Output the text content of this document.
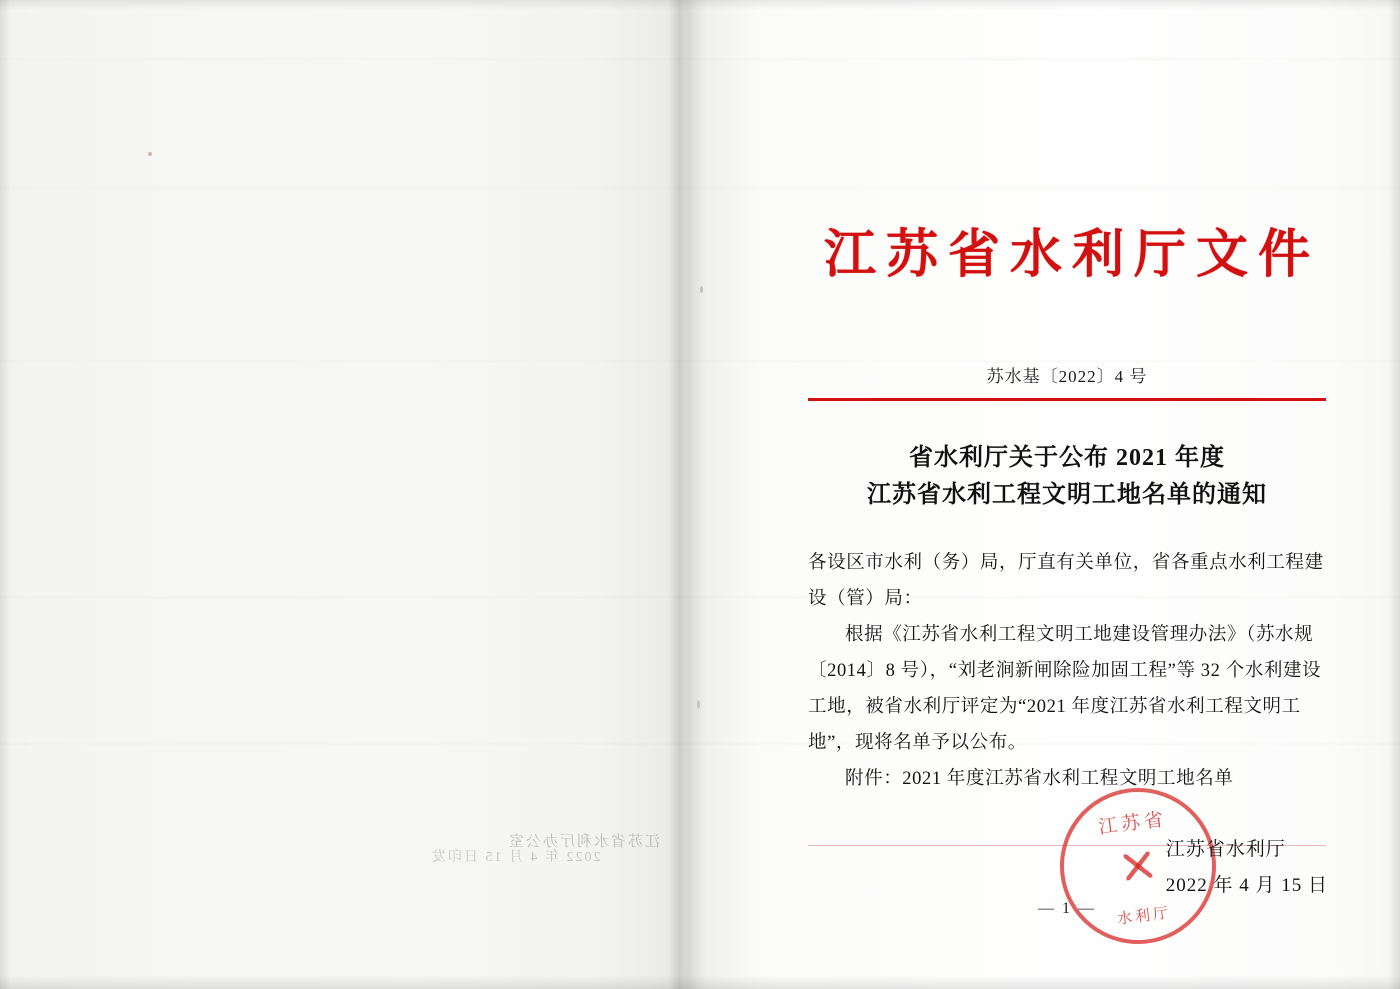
江苏省水利厅办公室
2022 年 4 月 15 日印发
江苏省水利厅文件
苏水基〔2022〕4 号
省水利厅关于公布 2021 年度
江苏省水利工程文明工地名单的通知

各设区市水利（务）局，厅直有关单位，省各重点水利工程建设（管）局：

根据《江苏省水利工程文明工地建设管理办法》（苏水规〔2014〕8 号），“刘老涧新闸除险加固工程”等 32 个水利建设工地，被省水利厅评定为“2021 年度江苏省水利工程文明工地”，现将名单予以公布。

附件：2021 年度江苏省水利工程文明工地名单

江苏省
水利厅
江苏省水利厅
2022 年 4 月 15 日
— 1 —
